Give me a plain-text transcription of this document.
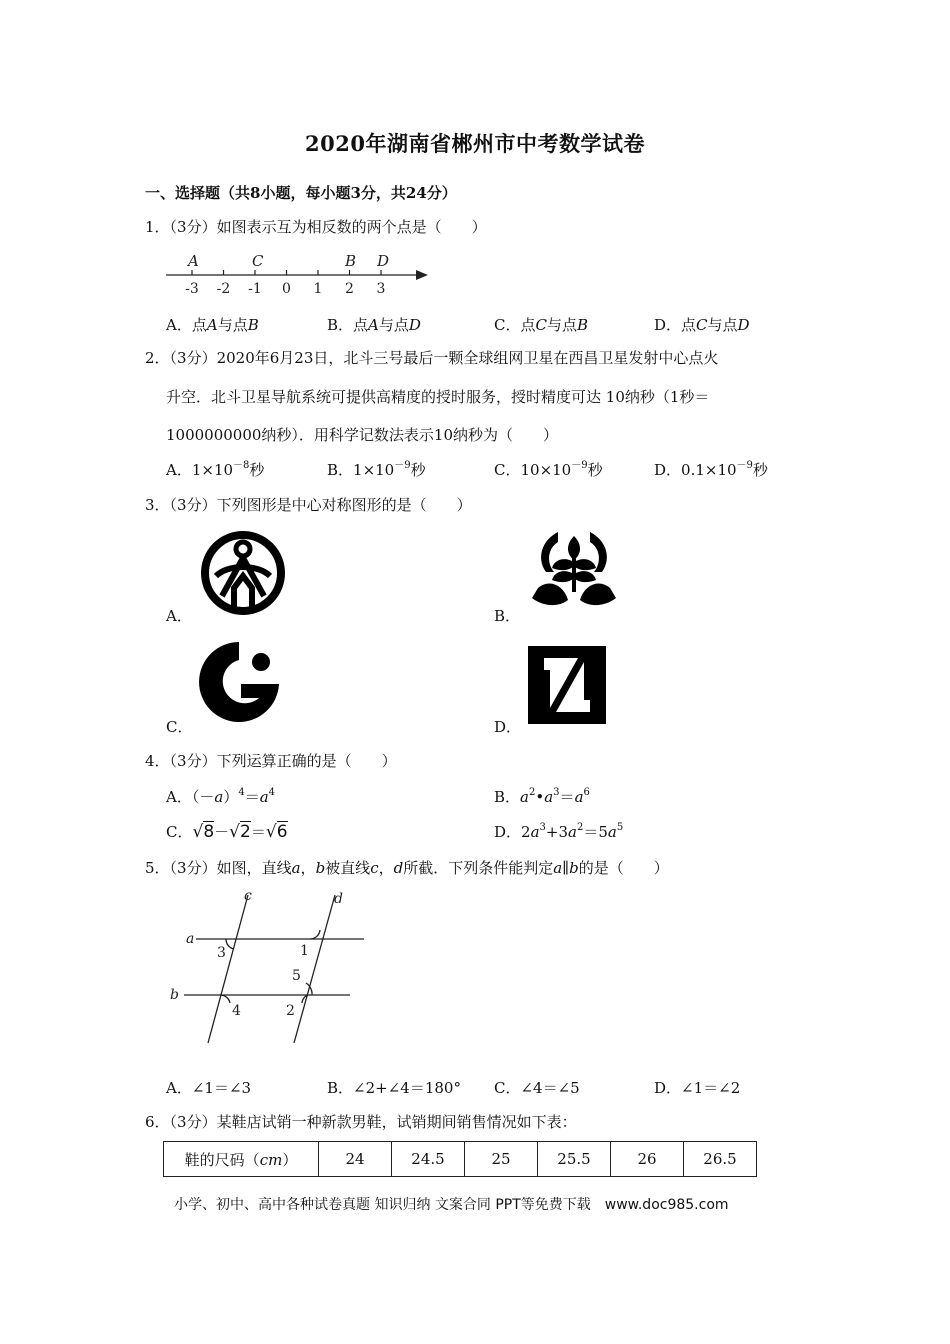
2020年湖南省郴州市中考数学试卷
一、选择题（共8小题，每小题3分，共24分）
1．（3分）如图表示互为相反数的两个点是（　　）
-3 -2 -1 0 1 2 3
A	C	B D
A．点A与点B	B．点A与点D	C．点C与点B	D．点C与点D
2．（3分）2020年6月23日，北斗三号最后一颗全球组网卫星在西昌卫星发射中心点火
升空．北斗卫星导航系统可提供高精度的授时服务，授时精度可达 10纳秒（1秒＝
1000000000纳秒）．用科学记数法表示10纳秒为（　　）
A．$1\times 10^{-8}$秒	B．$1\times 10^{-9}$秒	C．$10\times 10^{-9}$秒	D．$0.1\times 10^{-9}$秒
3．（3分）下列图形是中心对称图形的是（　　）
A．	B．
C．	D．
4．（3分）下列运算正确的是（　　）
A．$(-a)^4=a^4$	B．$a^2•a^3=a^6$
C．√8－√2＝√6	D．$2a^3+3a^2=5a^5$
5．（3分）如图，直线a，b被直线c，d所截．下列条件能判定a∥b的是（　　）
c	d
a
b
1
2
3
4
5
A．∠1＝∠3	B．∠2+∠4＝180° C．∠4＝∠5	D．∠1＝∠2
6．（3分）某鞋店试销一种新款男鞋，试销期间销售情况如下表：
鞋的尺码（cm）	24	24.5	25	25.5	26	26.5
小学、初中、高中各种试卷真题 知识归纳 文案合同 PPT等免费下载　www.doc985.com
